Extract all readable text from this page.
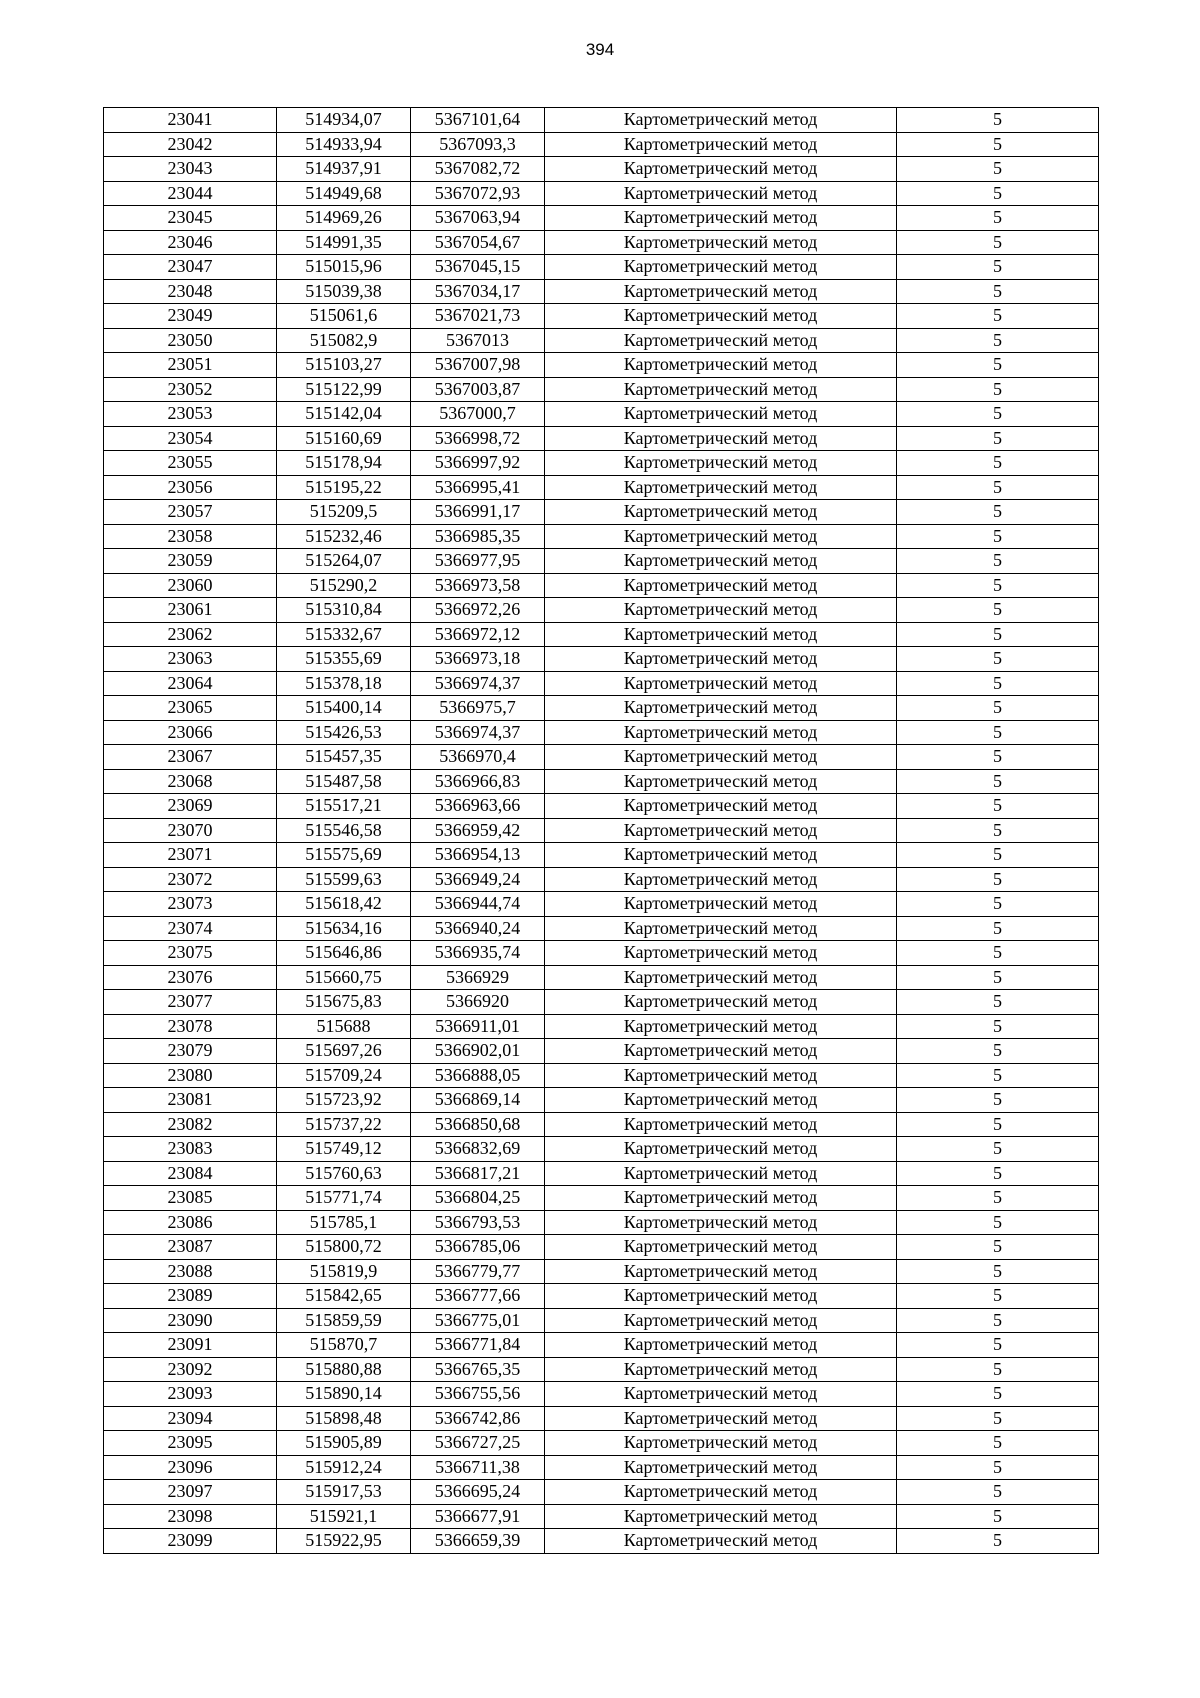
394
23041	514934,07	5367101,64	Картометрический метод	5
23042	514933,94	5367093,3	Картометрический метод	5
23043	514937,91	5367082,72	Картометрический метод	5
23044	514949,68	5367072,93	Картометрический метод	5
23045	514969,26	5367063,94	Картометрический метод	5
23046	514991,35	5367054,67	Картометрический метод	5
23047	515015,96	5367045,15	Картометрический метод	5
23048	515039,38	5367034,17	Картометрический метод	5
23049	515061,6	5367021,73	Картометрический метод	5
23050	515082,9	5367013	Картометрический метод	5
23051	515103,27	5367007,98	Картометрический метод	5
23052	515122,99	5367003,87	Картометрический метод	5
23053	515142,04	5367000,7	Картометрический метод	5
23054	515160,69	5366998,72	Картометрический метод	5
23055	515178,94	5366997,92	Картометрический метод	5
23056	515195,22	5366995,41	Картометрический метод	5
23057	515209,5	5366991,17	Картометрический метод	5
23058	515232,46	5366985,35	Картометрический метод	5
23059	515264,07	5366977,95	Картометрический метод	5
23060	515290,2	5366973,58	Картометрический метод	5
23061	515310,84	5366972,26	Картометрический метод	5
23062	515332,67	5366972,12	Картометрический метод	5
23063	515355,69	5366973,18	Картометрический метод	5
23064	515378,18	5366974,37	Картометрический метод	5
23065	515400,14	5366975,7	Картометрический метод	5
23066	515426,53	5366974,37	Картометрический метод	5
23067	515457,35	5366970,4	Картометрический метод	5
23068	515487,58	5366966,83	Картометрический метод	5
23069	515517,21	5366963,66	Картометрический метод	5
23070	515546,58	5366959,42	Картометрический метод	5
23071	515575,69	5366954,13	Картометрический метод	5
23072	515599,63	5366949,24	Картометрический метод	5
23073	515618,42	5366944,74	Картометрический метод	5
23074	515634,16	5366940,24	Картометрический метод	5
23075	515646,86	5366935,74	Картометрический метод	5
23076	515660,75	5366929	Картометрический метод	5
23077	515675,83	5366920	Картометрический метод	5
23078	515688	5366911,01	Картометрический метод	5
23079	515697,26	5366902,01	Картометрический метод	5
23080	515709,24	5366888,05	Картометрический метод	5
23081	515723,92	5366869,14	Картометрический метод	5
23082	515737,22	5366850,68	Картометрический метод	5
23083	515749,12	5366832,69	Картометрический метод	5
23084	515760,63	5366817,21	Картометрический метод	5
23085	515771,74	5366804,25	Картометрический метод	5
23086	515785,1	5366793,53	Картометрический метод	5
23087	515800,72	5366785,06	Картометрический метод	5
23088	515819,9	5366779,77	Картометрический метод	5
23089	515842,65	5366777,66	Картометрический метод	5
23090	515859,59	5366775,01	Картометрический метод	5
23091	515870,7	5366771,84	Картометрический метод	5
23092	515880,88	5366765,35	Картометрический метод	5
23093	515890,14	5366755,56	Картометрический метод	5
23094	515898,48	5366742,86	Картометрический метод	5
23095	515905,89	5366727,25	Картометрический метод	5
23096	515912,24	5366711,38	Картометрический метод	5
23097	515917,53	5366695,24	Картометрический метод	5
23098	515921,1	5366677,91	Картометрический метод	5
23099	515922,95	5366659,39	Картометрический метод	5
